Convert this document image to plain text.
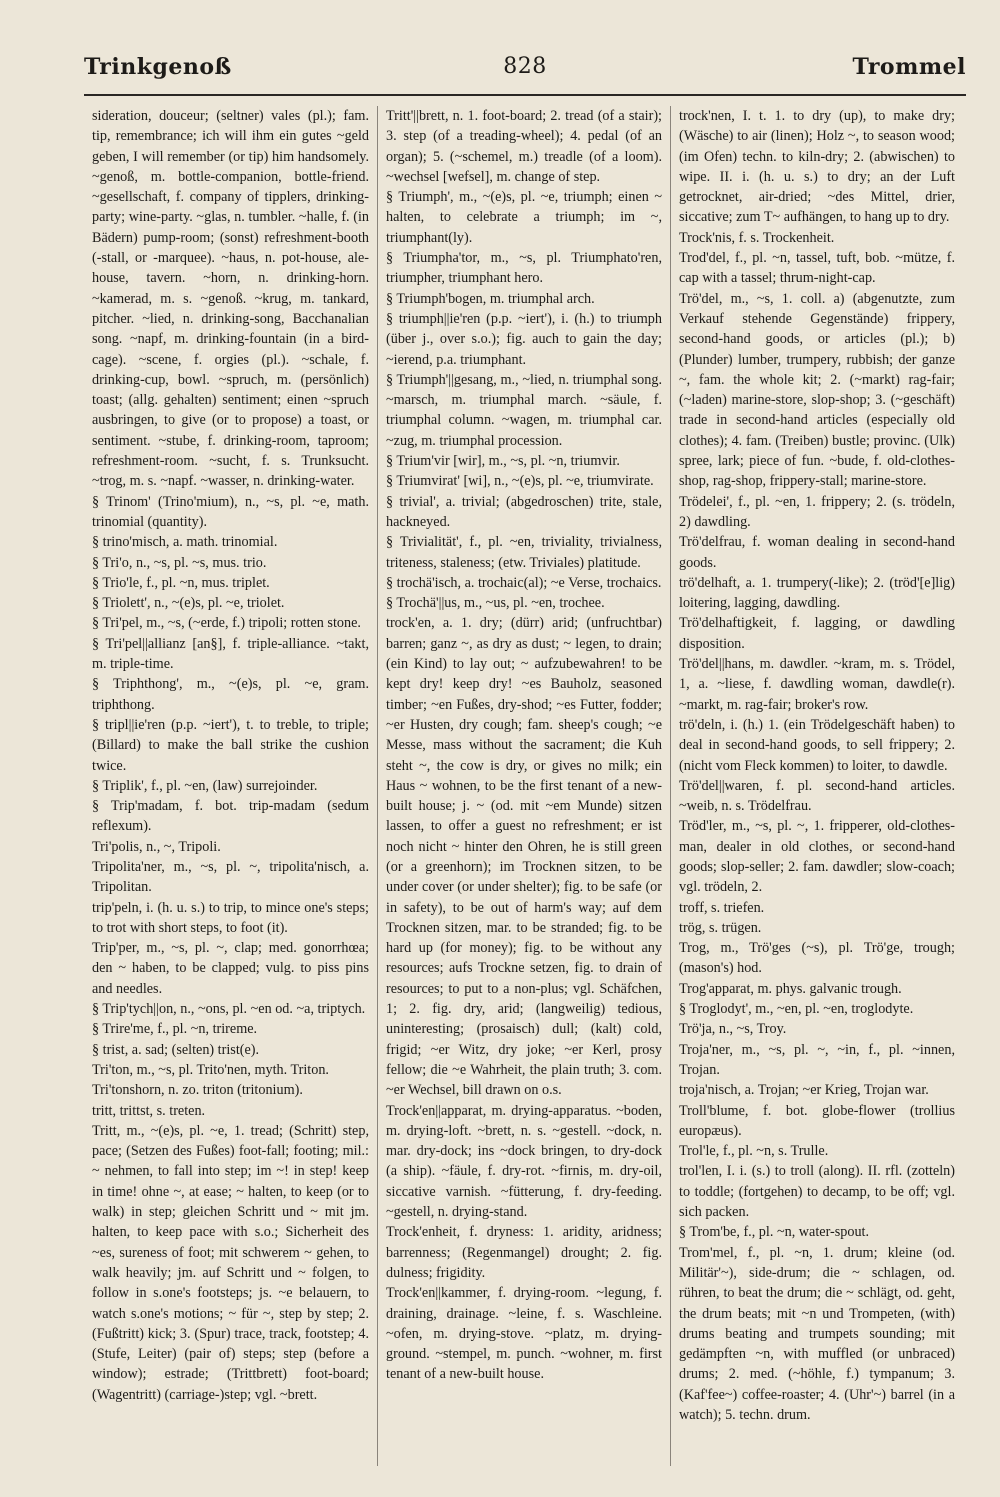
828
Trinkgenoß	Trommel

sideration, douceur; (seltner) vales (pl.); fam. tip, remembrance; ich will ihm ein gutes ~geld geben, I will remember (or tip) him handsomely. ~genoß, m. bottle-companion, bottle-friend. ~gesellschaft, f. company of tipplers, drinking-party; wine-party. ~glas, n. tumbler. ~halle, f. (in Bädern) pump-room; (sonst) refreshment-booth (-stall, or -marquee). ~haus, n. pot-house, ale-house, tavern. ~horn, n. drinking-horn. ~kamerad, m. s. ~genoß. ~krug, m. tankard, pitcher. ~lied, n. drinking-song, Bacchanalian song. ~napf, m. drinking-fountain (in a bird-cage). ~scene, f. orgies (pl.). ~schale, f. drinking-cup, bowl. ~spruch, m. (persönlich) toast; (allg. gehalten) sentiment; einen ~spruch ausbringen, to give (or to propose) a toast, or sentiment. ~stube, f. drinking-room, taproom; refreshment-room. ~sucht, f. s. Trunksucht. ~trog, m. s. ~napf. ~wasser, n. drinking-water.

§ Trinom' (Trino'mium), n., ~s, pl. ~e, math. trinomial (quantity).

§ trino'misch, a. math. trinomial.

§ Tri'o, n., ~s, pl. ~s, mus. trio.

§ Trio'le, f., pl. ~n, mus. triplet.

§ Triolett', n., ~(e)s, pl. ~e, triolet.

§ Tri'pel, m., ~s, (~erde, f.) tripoli; rotten stone.

§ Tri'pel||allianz [an§], f. triple-alliance. ~takt, m. triple-time.

§ Triphthong', m., ~(e)s, pl. ~e, gram. triphthong.

§ tripl||ie'ren (p.p. ~iert'), t. to treble, to triple; (Billard) to make the ball strike the cushion twice.

§ Triplik', f., pl. ~en, (law) surrejoinder.

§ Trip'madam, f. bot. trip-madam (sedum reflexum).

Tri'polis, n., ~, Tripoli.

Tripolita'ner, m., ~s, pl. ~, tripolita'nisch, a. Tripolitan.

trip'peln, i. (h. u. s.) to trip, to mince one's steps; to trot with short steps, to foot (it).

Trip'per, m., ~s, pl. ~, clap; med. gonorrhœa; den ~ haben, to be clapped; vulg. to piss pins and needles.

§ Trip'tych||on, n., ~ons, pl. ~en od. ~a, triptych.

§ Trire'me, f., pl. ~n, trireme.

§ trist, a. sad; (selten) trist(e).

Tri'ton, m., ~s, pl. Trito'nen, myth. Triton.

Tri'tonshorn, n. zo. triton (tritonium).

tritt, trittst, s. treten.

Tritt, m., ~(e)s, pl. ~e, 1. tread; (Schritt) step, pace; (Setzen des Fußes) foot-fall; footing; mil.: ~ nehmen, to fall into step; im ~! in step! keep in time! ohne ~, at ease; ~ halten, to keep (or to walk) in step; gleichen Schritt und ~ mit jm. halten, to keep pace with s.o.; Sicherheit des ~es, sureness of foot; mit schwerem ~ gehen, to walk heavily; jm. auf Schritt und ~ folgen, to follow in s.one's footsteps; js. ~e belauern, to watch s.one's motions; ~ für ~, step by step; 2. (Fußtritt) kick; 3. (Spur) trace, track, footstep; 4. (Stufe, Leiter) (pair of) steps; step (before a window); estrade; (Trittbrett) foot-board; (Wagentritt) (carriage-)step; vgl. ~brett.

Tritt'||brett, n. 1. foot-board; 2. tread (of a stair); 3. step (of a treading-wheel); 4. pedal (of an organ); 5. (~schemel, m.) treadle (of a loom). ~wechsel [wefsel], m. change of step.

§ Triumph', m., ~(e)s, pl. ~e, triumph; einen ~ halten, to celebrate a triumph; im ~, triumphant(ly).

§ Triumpha'tor, m., ~s, pl. Triumphato'ren, triumpher, triumphant hero.

§ Triumph'bogen, m. triumphal arch.

§ triumph||ie'ren (p.p. ~iert'), i. (h.) to triumph (über j., over s.o.); fig. auch to gain the day; ~ierend, p.a. triumphant.

§ Triumph'||gesang, m., ~lied, n. triumphal song. ~marsch, m. triumphal march. ~säule, f. triumphal column. ~wagen, m. triumphal car. ~zug, m. triumphal procession.

§ Trium'vir [wir], m., ~s, pl. ~n, triumvir.

§ Triumvirat' [wi], n., ~(e)s, pl. ~e, triumvirate.

§ trivial', a. trivial; (abgedroschen) trite, stale, hackneyed.

§ Trivialität', f., pl. ~en, triviality, trivialness, triteness, staleness; (etw. Triviales) platitude.

§ trochä'isch, a. trochaic(al); ~e Verse, trochaics.

§ Trochä'||us, m., ~us, pl. ~en, trochee.

trock'en, a. 1. dry; (dürr) arid; (unfruchtbar) barren; ganz ~, as dry as dust; ~ legen, to drain; (ein Kind) to lay out; ~ aufzubewahren! to be kept dry! keep dry! ~es Bauholz, seasoned timber; ~en Fußes, dry-shod; ~es Futter, fodder; ~er Husten, dry cough; fam. sheep's cough; ~e Messe, mass without the sacrament; die Kuh steht ~, the cow is dry, or gives no milk; ein Haus ~ wohnen, to be the first tenant of a new-built house; j. ~ (od. mit ~em Munde) sitzen lassen, to offer a guest no refreshment; er ist noch nicht ~ hinter den Ohren, he is still green (or a greenhorn); im Trocknen sitzen, to be under cover (or under shelter); fig. to be safe (or in safety), to be out of harm's way; auf dem Trocknen sitzen, mar. to be stranded; fig. to be hard up (for money); fig. to be without any resources; aufs Trockne setzen, fig. to drain of resources; to put to a non-plus; vgl. Schäfchen, 1; 2. fig. dry, arid; (langweilig) tedious, uninteresting; (prosaisch) dull; (kalt) cold, frigid; ~er Witz, dry joke; ~er Kerl, prosy fellow; die ~e Wahrheit, the plain truth; 3. com. ~er Wechsel, bill drawn on o.s.

Trock'en||apparat, m. drying-apparatus. ~boden, m. drying-loft. ~brett, n. s. ~gestell. ~dock, n. mar. dry-dock; ins ~dock bringen, to dry-dock (a ship). ~fäule, f. dry-rot. ~firnis, m. dry-oil, siccative varnish. ~fütterung, f. dry-feeding. ~gestell, n. drying-stand.

Trock'enheit, f. dryness: 1. aridity, aridness; barrenness; (Regenmangel) drought; 2. fig. dulness; frigidity.

Trock'en||kammer, f. drying-room. ~legung, f. draining, drainage. ~leine, f. s. Waschleine. ~ofen, m. drying-stove. ~platz, m. drying-ground. ~stempel, m. punch. ~wohner, m. first tenant of a new-built house.

trock'nen, I. t. 1. to dry (up), to make dry; (Wäsche) to air (linen); Holz ~, to season wood; (im Ofen) techn. to kiln-dry; 2. (abwischen) to wipe. II. i. (h. u. s.) to dry; an der Luft getrocknet, air-dried; ~des Mittel, drier, siccative; zum T~ aufhängen, to hang up to dry.

Trock'nis, f. s. Trockenheit.

Trod'del, f., pl. ~n, tassel, tuft, bob. ~mütze, f. cap with a tassel; thrum-night-cap.

Trö'del, m., ~s, 1. coll. a) (abgenutzte, zum Verkauf stehende Gegenstände) frippery, second-hand goods, or articles (pl.); b) (Plunder) lumber, trumpery, rubbish; der ganze ~, fam. the whole kit; 2. (~markt) rag-fair; (~laden) marine-store, slop-shop; 3. (~geschäft) trade in second-hand articles (especially old clothes); 4. fam. (Treiben) bustle; provinc. (Ulk) spree, lark; piece of fun. ~bude, f. old-clothes-shop, rag-shop, frippery-stall; marine-store.

Trödelei', f., pl. ~en, 1. frippery; 2. (s. trödeln, 2) dawdling.

Trö'delfrau, f. woman dealing in second-hand goods.

trö'delhaft, a. 1. trumpery(-like); 2. (tröd'[e]lig) loitering, lagging, dawdling.

Trö'delhaftigkeit, f. lagging, or dawdling disposition.

Trö'del||hans, m. dawdler. ~kram, m. s. Trödel, 1, a. ~liese, f. dawdling woman, dawdle(r). ~markt, m. rag-fair; broker's row.

trö'deln, i. (h.) 1. (ein Trödelgeschäft haben) to deal in second-hand goods, to sell frippery; 2. (nicht vom Fleck kommen) to loiter, to dawdle.

Trö'del||waren, f. pl. second-hand articles. ~weib, n. s. Trödelfrau.

Tröd'ler, m., ~s, pl. ~, 1. fripperer, old-clothes-man, dealer in old clothes, or second-hand goods; slop-seller; 2. fam. dawdler; slow-coach; vgl. trödeln, 2.

troff, s. triefen.

trög, s. trügen.

Trog, m., Trö'ges (~s), pl. Trö'ge, trough; (mason's) hod.

Trog'apparat, m. phys. galvanic trough.

§ Troglodyt', m., ~en, pl. ~en, troglodyte.

Trö'ja, n., ~s, Troy.

Troja'ner, m., ~s, pl. ~, ~in, f., pl. ~innen, Trojan.

troja'nisch, a. Trojan; ~er Krieg, Trojan war.

Troll'blume, f. bot. globe-flower (trollius europæus).

Trol'le, f., pl. ~n, s. Trulle.

trol'len, I. i. (s.) to troll (along). II. rfl. (zotteln) to toddle; (fortgehen) to decamp, to be off; vgl. sich packen.

§ Trom'be, f., pl. ~n, water-spout.

Trom'mel, f., pl. ~n, 1. drum; kleine (od. Militär'~), side-drum; die ~ schlagen, od. rühren, to beat the drum; die ~ schlägt, od. geht, the drum beats; mit ~n und Trompeten, (with) drums beating and trumpets sounding; mit gedämpften ~n, with muffled (or unbraced) drums; 2. med. (~höhle, f.) tympanum; 3. (Kaf'fee~) coffee-roaster; 4. (Uhr'~) barrel (in a watch); 5. techn. drum.
